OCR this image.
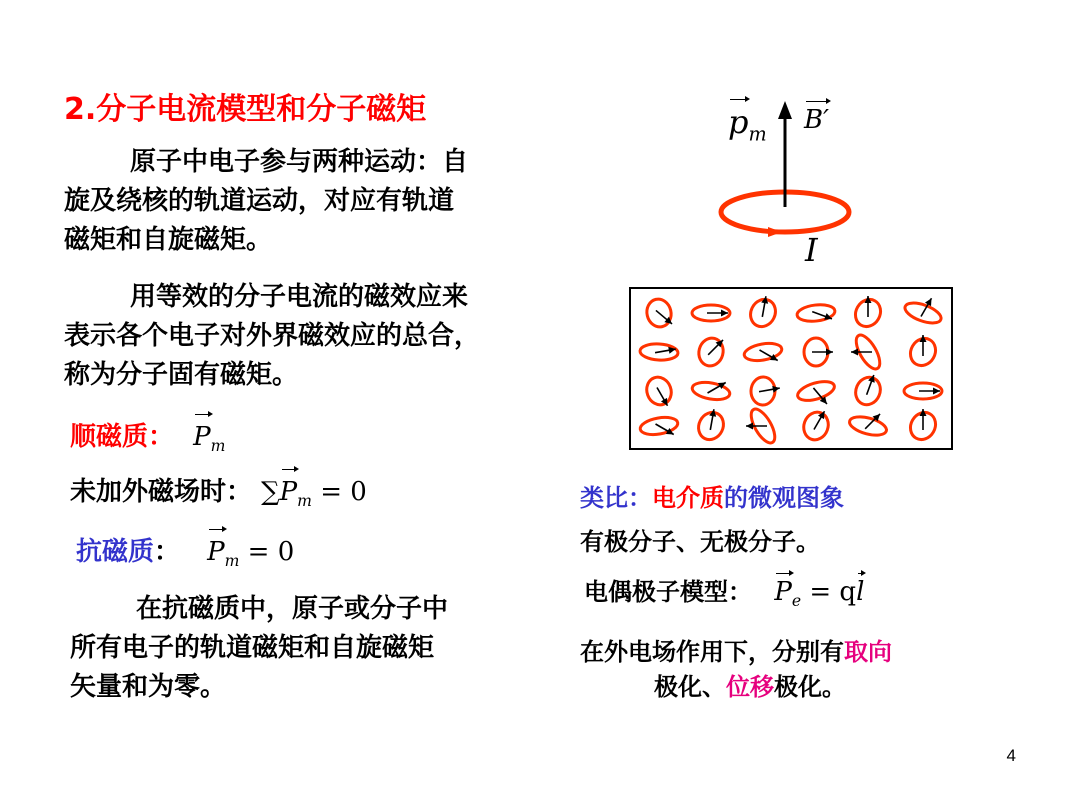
2.分子电流模型和分子磁矩
原子中电子参与两种运动：自
旋及绕核的轨道运动，对应有轨道
磁矩和自旋磁矩。
用等效的分子电流的磁效应来
表示各个电子对外界磁效应的总合，
称为分子固有磁矩。
顺磁质： $P_m$
未加外磁场时： $\sum P_m = 0$
抗磁质： $P_m = 0$
在抗磁质中，原子或分子中
所有电子的轨道磁矩和自旋磁矩
矢量和为零。
$p_m$ B′
I
类比：电介质的微观图象
有极分子、无极分子。
电偶极子模型： $P_e$ = ql
在外电场作用下，分别有取向
极化、位移极化。
4
